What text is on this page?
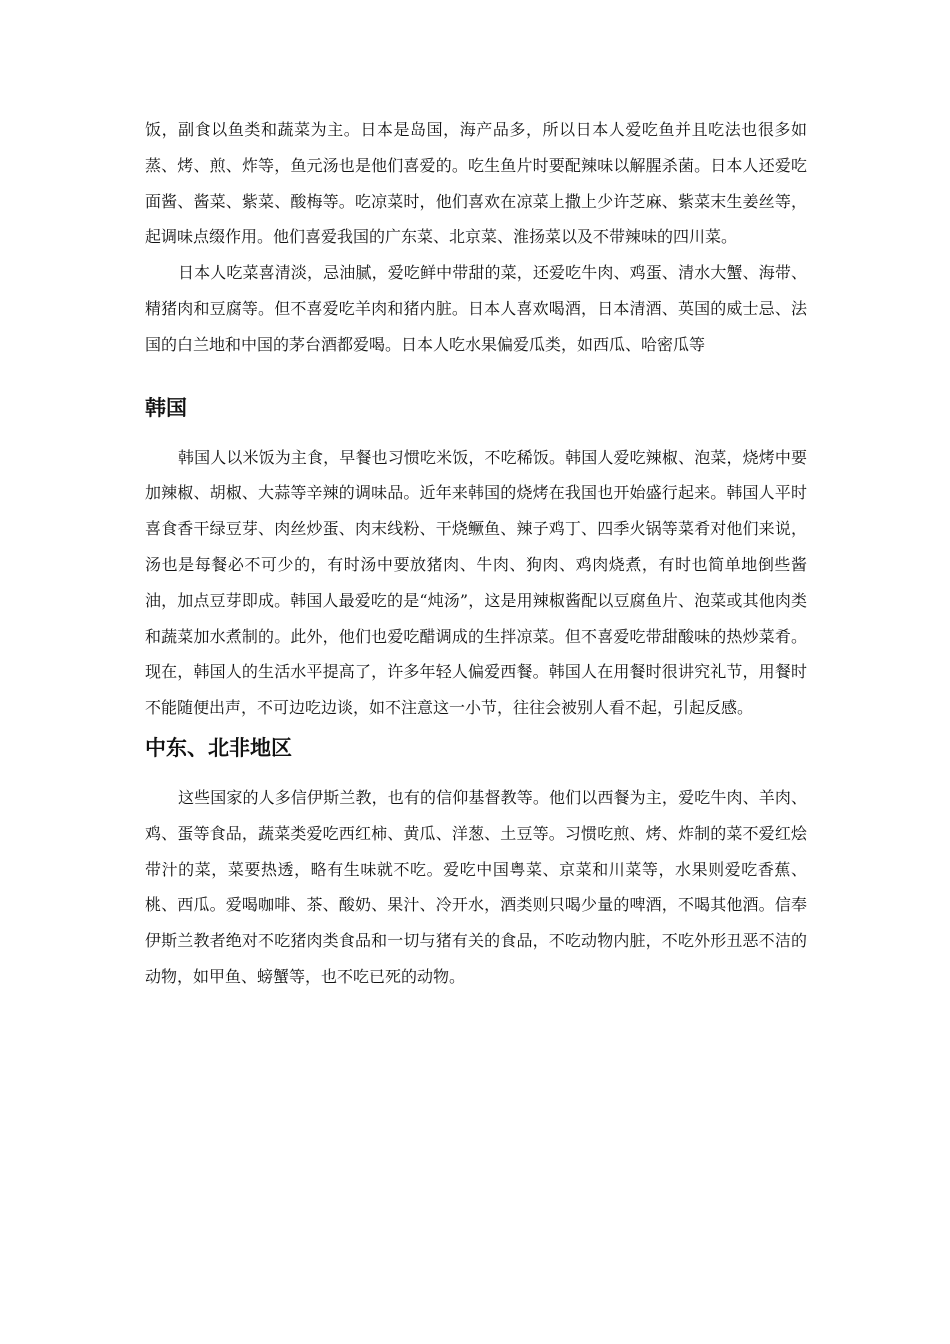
饭，副食以鱼类和蔬菜为主。日本是岛国，海产品多，所以日本人爱吃鱼并且吃法也很多如蒸、烤、煎、炸等，鱼元汤也是他们喜爱的。吃生鱼片时要配辣味以解腥杀菌。日本人还爱吃面酱、酱菜、紫菜、酸梅等。吃凉菜时，他们喜欢在凉菜上撒上少许芝麻、紫菜末生姜丝等，起调味点缀作用。他们喜爱我国的广东菜、北京菜、淮扬菜以及不带辣味的四川菜。

日本人吃菜喜清淡，忌油腻，爱吃鲜中带甜的菜，还爱吃牛肉、鸡蛋、清水大蟹、海带、精猪肉和豆腐等。但不喜爱吃羊肉和猪内脏。日本人喜欢喝酒，日本清酒、英国的威士忌、法国的白兰地和中国的茅台酒都爱喝。日本人吃水果偏爱瓜类，如西瓜、哈密瓜等

韩国

韩国人以米饭为主食，早餐也习惯吃米饭，不吃稀饭。韩国人爱吃辣椒、泡菜，烧烤中要加辣椒、胡椒、大蒜等辛辣的调味品。近年来韩国的烧烤在我国也开始盛行起来。韩国人平时喜食香干绿豆芽、肉丝炒蛋、肉末线粉、干烧鳜鱼、辣子鸡丁、四季火锅等菜肴对他们来说，汤也是每餐必不可少的，有时汤中要放猪肉、牛肉、狗肉、鸡肉烧煮，有时也简单地倒些酱油，加点豆芽即成。韩国人最爱吃的是“炖汤”，这是用辣椒酱配以豆腐鱼片、泡菜或其他肉类和蔬菜加水煮制的。此外，他们也爱吃醋调成的生拌凉菜。但不喜爱吃带甜酸味的热炒菜肴。现在，韩国人的生活水平提高了，许多年轻人偏爱西餐。韩国人在用餐时很讲究礼节，用餐时不能随便出声，不可边吃边谈，如不注意这一小节，往往会被别人看不起，引起反感。

中东、北非地区

这些国家的人多信伊斯兰教，也有的信仰基督教等。他们以西餐为主，爱吃牛肉、羊肉、鸡、蛋等食品，蔬菜类爱吃西红柿、黄瓜、洋葱、土豆等。习惯吃煎、烤、炸制的菜不爱红烩带汁的菜，菜要热透，略有生味就不吃。爱吃中国粤菜、京菜和川菜等，水果则爱吃香蕉、桃、西瓜。爱喝咖啡、茶、酸奶、果汁、冷开水，酒类则只喝少量的啤酒，不喝其他酒。信奉伊斯兰教者绝对不吃猪肉类食品和一切与猪有关的食品，不吃动物内脏，不吃外形丑恶不洁的动物，如甲鱼、螃蟹等，也不吃已死的动物。
